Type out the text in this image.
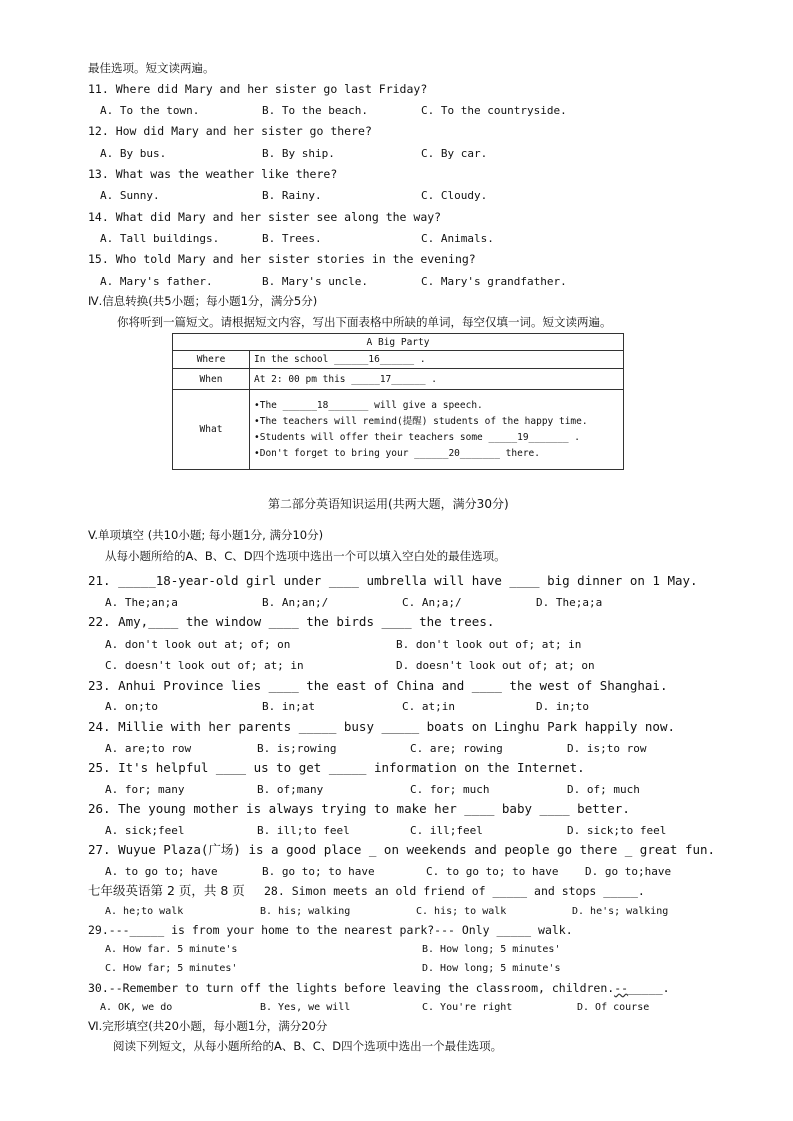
最佳选项。短文读两遍。
11. Where did Mary and her sister go last Friday?
A. To the town.	B. To the beach.	C. To the countryside.
12. How did Mary and her sister go there?
A. By bus.	B. By ship.	C. By car.
13. What was the weather like there?
A. Sunny.	B. Rainy.	C. Cloudy.
14. What did Mary and her sister see along the way?
A. Tall buildings.	B. Trees.	C. Animals.
15. Who told Mary and her sister stories in the evening?
A. Mary's father.	B. Mary's uncle.	C. Mary's grandfather.
Ⅳ.信息转换(共5小题；每小题1分，满分5分)
你将听到一篇短文。请根据短文内容，写出下面表格中所缺的单词，每空仅填一词。短文读两遍。
A Big Party	
Where	In the school ______16______ .
When	At 2: 00 pm this _____17______ .
What	•The ______18_______ will give a speech.
•The teachers will remind(提醒) students of the happy time.
•Students will offer their teachers some _____19_______ .
•Don't forget to bring your ______20_______ there.
第二部分英语知识运用(共两大题，满分30分)
V.单项填空 (共10小题; 每小题1分, 满分10分)
从每小题所给的A、B、C、D四个选项中选出一个可以填入空白处的最佳选项。
21. _____18-year-old girl under ____ umbrella will have ____ big dinner on 1 May.
A. The;an;a	B. An;an;/	C. An;a;/	D. The;a;a
22. Amy,____ the window ____ the birds ____ the trees.
A. don't look out at; of; on	B. don't look out of; at; in
C. doesn't look out of; at; in	D. doesn't look out of; at; on
23. Anhui Province lies ____ the east of China and ____ the west of Shanghai.
A. on;to	B. in;at	C. at;in	D. in;to
24. Millie with her parents _____ busy _____ boats on Linghu Park happily now.
A. are;to row	B. is;rowing	C. are; rowing	D. is;to row
25. It's helpful ____ us to get _____ information on the Internet.
A. for; many	B. of;many	C. for; much	D. of; much
26. The young mother is always trying to make her ____ baby ____ better.
A. sick;feel	B. ill;to feel	C. ill;feel	D. sick;to feel
27. Wuyue Plaza(广场) is a good place _ on weekends and people go there _ great fun.
A. to go to; have	B. go to; to have	C. to go to; to have D. go to;have
七年级英语第 2 页，共 8 页 28. Simon meets an old friend of _____ and stops _____.
A. he;to walk	B. his; walking	C. his; to walk	D. he's; walking
29.---_____ is from your home to the nearest park?--- Only _____ walk.
A. How far. 5 minute's	B. How long; 5 minutes'
C. How far; 5 minutes'	D. How long; 5 minute's
30.--Remember to turn off the lights before leaving the classroom, children.--_____.
A. OK, we do	B. Yes, we will	C. You're right	D. Of course
Ⅵ.完形填空(共20小题，每小题1分，满分20分
阅读下列短文，从每小题所给的A、B、C、D四个选项中选出一个最佳选项。
